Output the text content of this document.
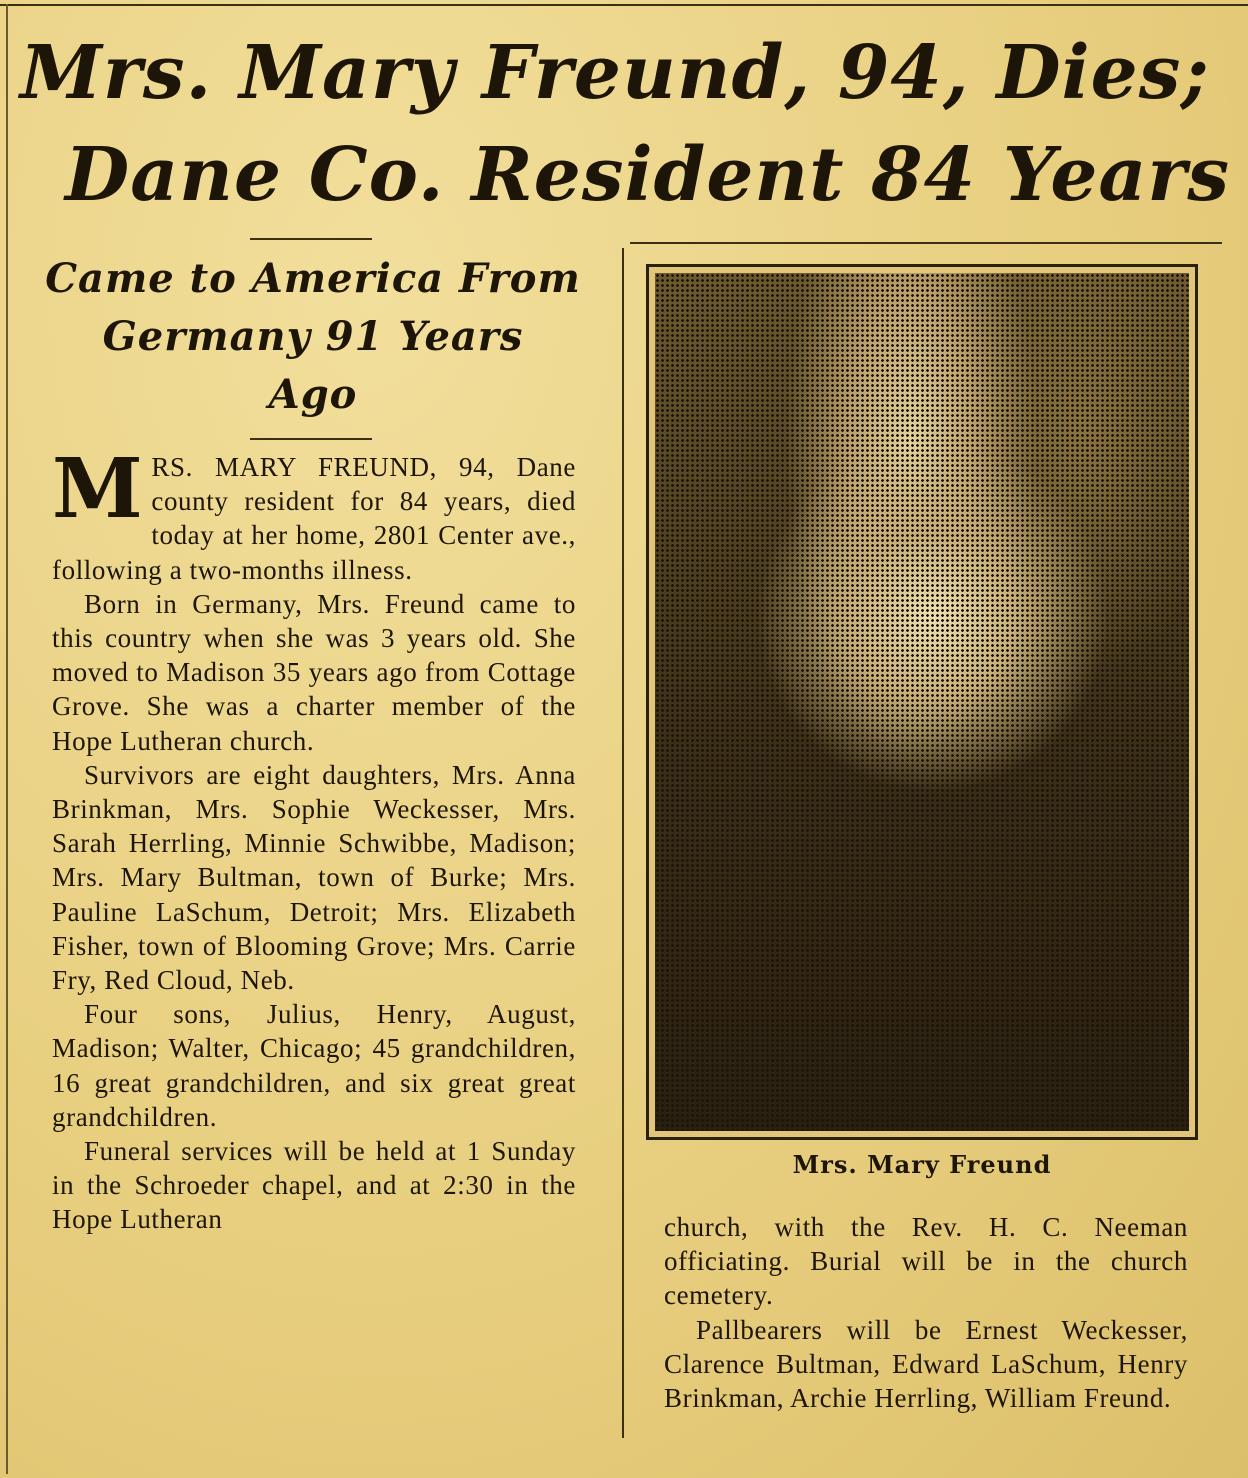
Mrs. Mary Freund, 94, Dies;
Dane Co. Resident 84 Years
Came to America From
Germany 91 Years
Ago

MRS. MARY FREUND, 94, Dane county resident for 84 years, died today at her home, 2801 Center ave., following a two-months illness.

Born in Germany, Mrs. Freund came to this country when she was 3 years old. She moved to Madison 35 years ago from Cottage Grove. She was a charter member of the Hope Lutheran church.

Survivors are eight daughters, Mrs. Anna Brinkman, Mrs. Sophie Weckesser, Mrs. Sarah Herrling, Minnie Schwibbe, Madison; Mrs. Mary Bultman, town of Burke; Mrs. Pauline LaSchum, Detroit; Mrs. Elizabeth Fisher, town of Blooming Grove; Mrs. Carrie Fry, Red Cloud, Neb.

Four sons, Julius, Henry, August, Madison; Walter, Chicago; 45 grandchildren, 16 great grandchildren, and six great great grandchildren.

Funeral services will be held at 1 Sunday in the Schroeder chapel, and at 2:30 in the Hope Lutheran

Mrs. Mary Freund

church, with the Rev. H. C. Neeman officiating. Burial will be in the church cemetery.

Pallbearers will be Ernest Weckesser, Clarence Bultman, Edward LaSchum, Henry Brinkman, Archie Herrling, William Freund.
